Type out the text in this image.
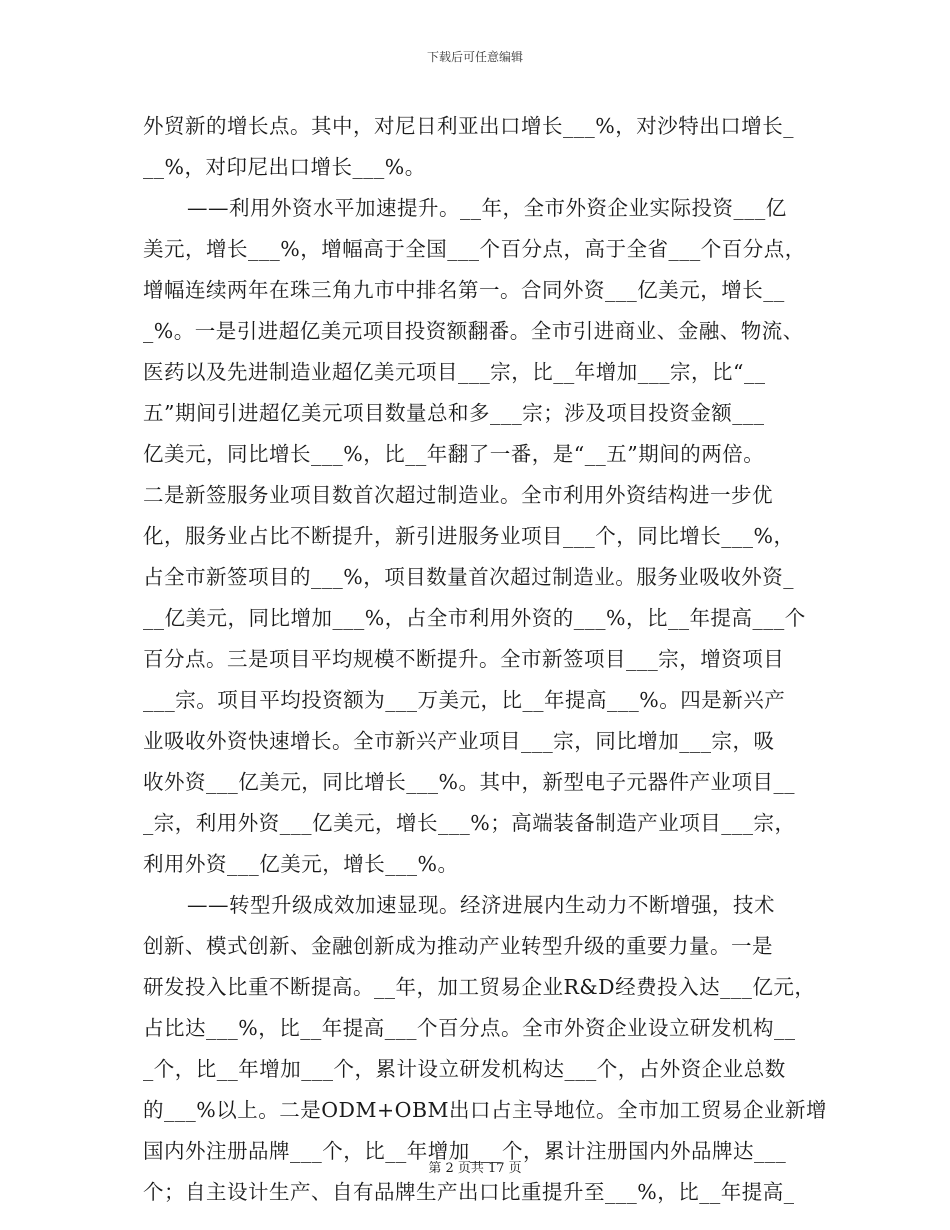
下载后可任意编辑
外贸新的增长点。其中，对尼日利亚出口增长___%，对沙特出口增长_
__%，对印尼出口增长___%。
——利用外资水平加速提升。__年，全市外资企业实际投资___亿
美元，增长___%，增幅高于全国___个百分点，高于全省___个百分点，
增幅连续两年在珠三角九市中排名第一。合同外资___亿美元，增长__
_%。一是引进超亿美元项目投资额翻番。全市引进商业、金融、物流、
医药以及先进制造业超亿美元项目___宗，比__年增加___宗，比“__
五”期间引进超亿美元项目数量总和多___宗；涉及项目投资金额___
亿美元，同比增长___%，比__年翻了一番，是“__五”期间的两倍。
二是新签服务业项目数首次超过制造业。全市利用外资结构进一步优
化，服务业占比不断提升，新引进服务业项目___个，同比增长___%，
占全市新签项目的___%，项目数量首次超过制造业。服务业吸收外资_
__亿美元，同比增加___%，占全市利用外资的___%，比__年提高___个
百分点。三是项目平均规模不断提升。全市新签项目___宗，增资项目
___宗。项目平均投资额为___万美元，比__年提高___%。四是新兴产
业吸收外资快速增长。全市新兴产业项目___宗，同比增加___宗，吸
收外资___亿美元，同比增长___%。其中，新型电子元器件产业项目__
_宗，利用外资___亿美元，增长___%；高端装备制造产业项目___宗，
利用外资___亿美元，增长___%。
——转型升级成效加速显现。经济进展内生动力不断增强，技术
创新、模式创新、金融创新成为推动产业转型升级的重要力量。一是
研发投入比重不断提高。__年，加工贸易企业R&D经费投入达___亿元，
占比达___%，比__年提高___个百分点。全市外资企业设立研发机构__
_个，比__年增加___个，累计设立研发机构达___个，占外资企业总数
的___%以上。二是ODM+OBM出口占主导地位。全市加工贸易企业新增
国内外注册品牌___个，比__年增加___个，累计注册国内外品牌达___
个；自主设计生产、自有品牌生产出口比重提升至___%，比__年提高_
第 2 页共 17 页
